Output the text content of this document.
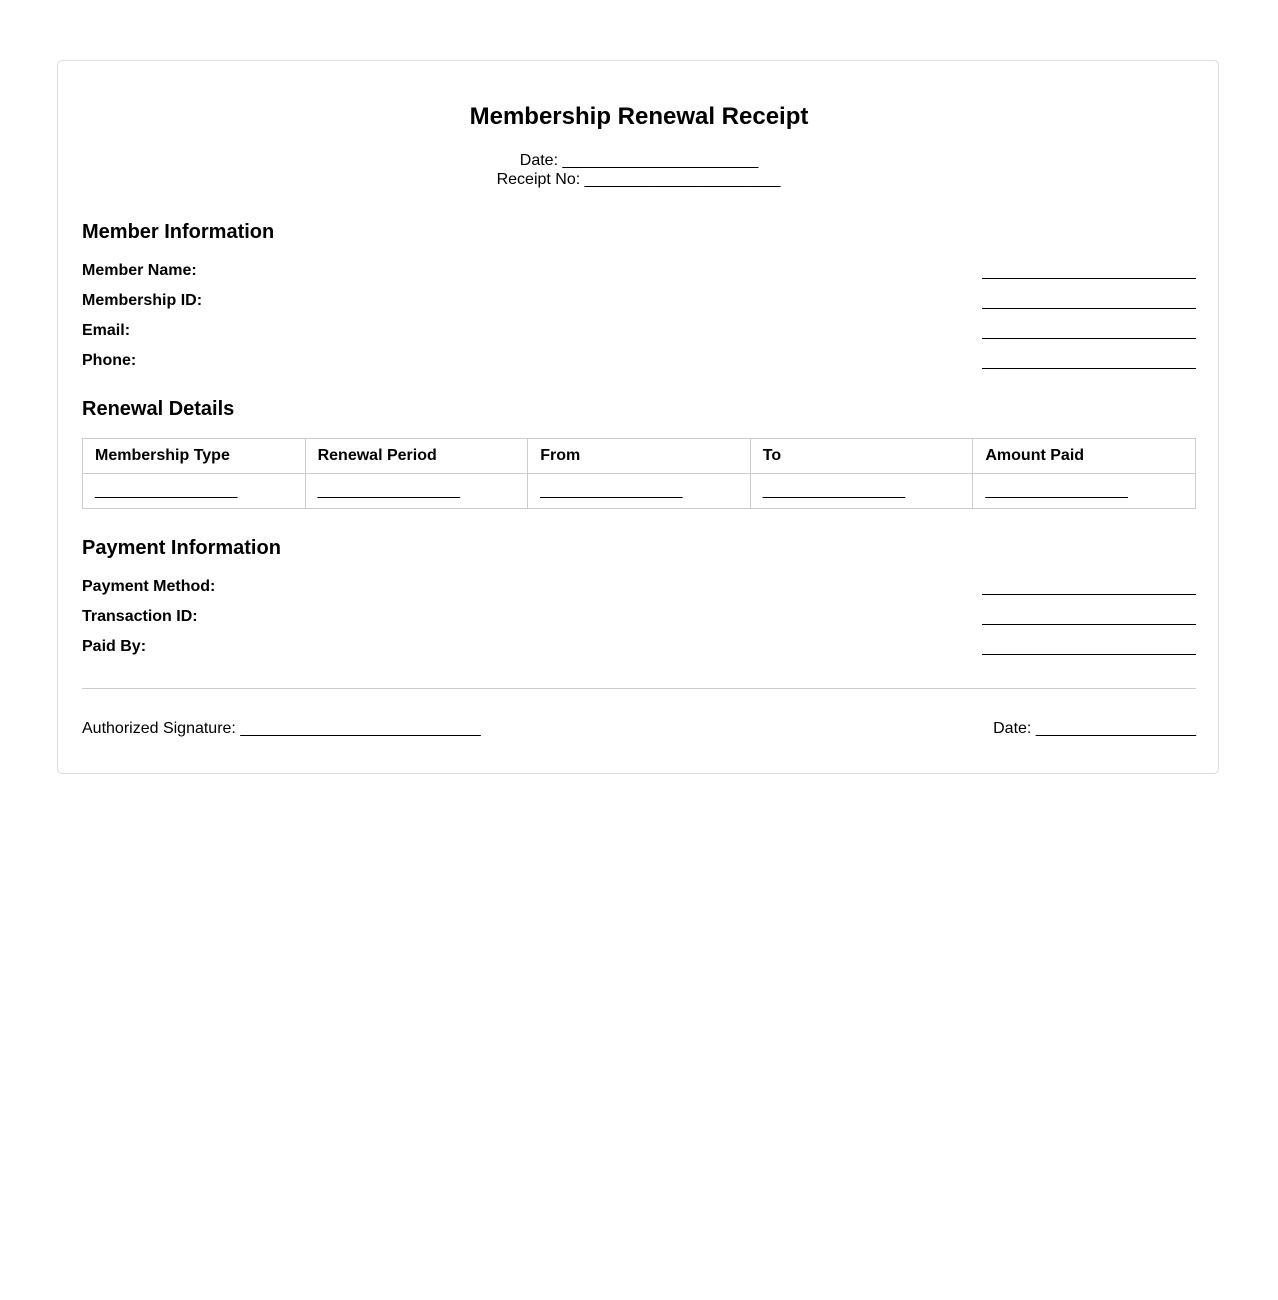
Membership Renewal Receipt
Date: ______________________
Receipt No: ______________________
Member Information
Member Name:
Membership ID:
Email:
Phone:
Renewal Details
Membership Type	Renewal Period	From	To	Amount Paid
________________	________________	________________	________________	________________
Payment Information
Payment Method:
Transaction ID:
Paid By:
Authorized Signature: ___________________________	Date: __________________
